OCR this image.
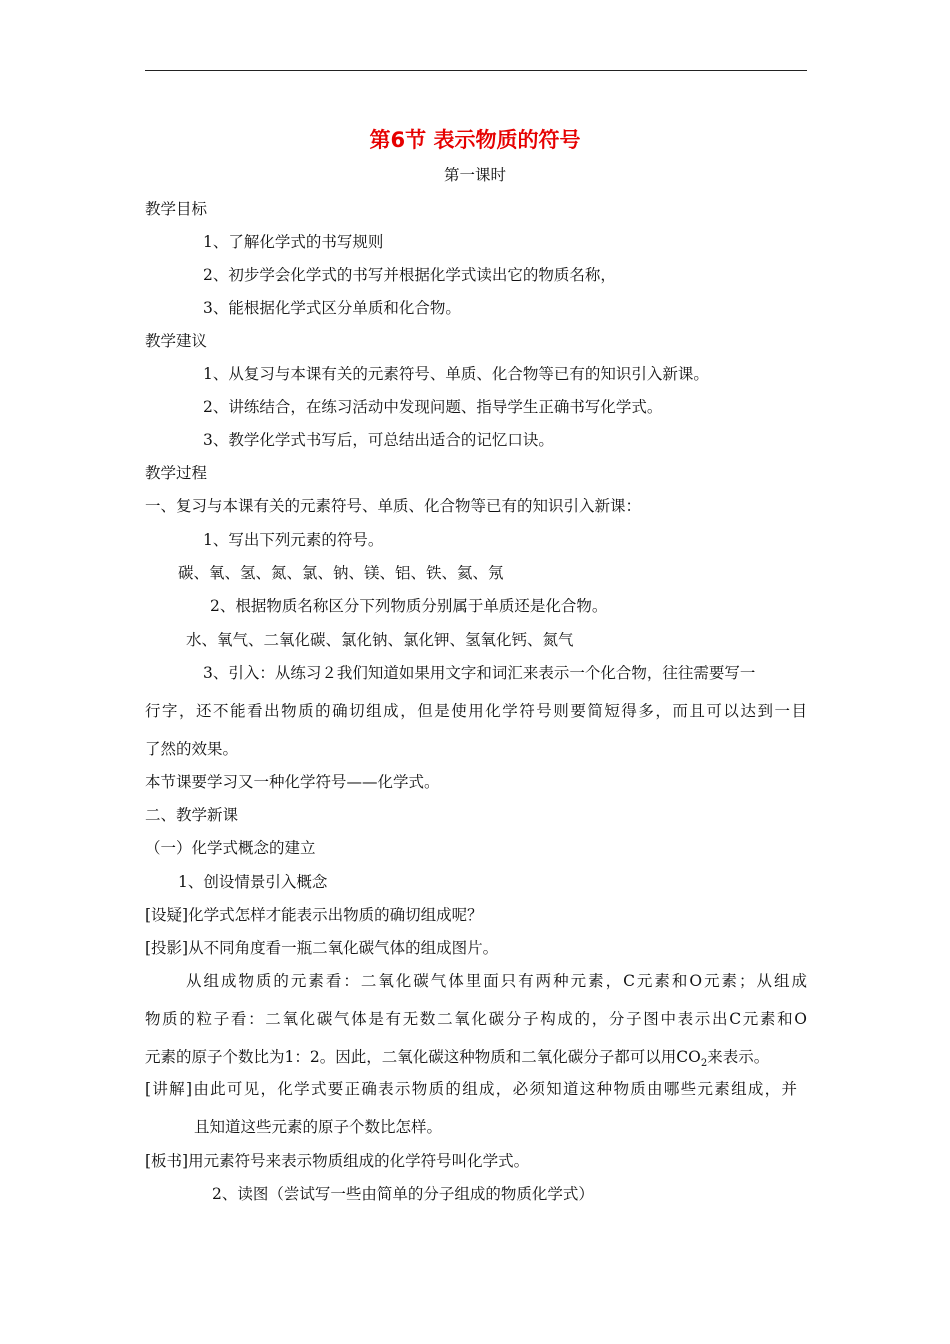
第6节 表示物质的符号
第一课时
教学目标
1、了解化学式的书写规则
2、初步学会化学式的书写并根据化学式读出它的物质名称，
3、能根据化学式区分单质和化合物。
教学建议
1、从复习与本课有关的元素符号、单质、化合物等已有的知识引入新课。
2、讲练结合，在练习活动中发现问题、指导学生正确书写化学式。
3、教学化学式书写后，可总结出适合的记忆口诀。
教学过程
一、复习与本课有关的元素符号、单质、化合物等已有的知识引入新课：
1、写出下列元素的符号。
碳、氧、氢、氮、氯、钠、镁、铝、铁、氦、氖
2、根据物质名称区分下列物质分别属于单质还是化合物。
水、氧气、二氧化碳、氯化钠、氯化钾、氢氧化钙、氮气
3、引入：从练习２我们知道如果用文字和词汇来表示一个化合物，往往需要写一
行字，还不能看出物质的确切组成，但是使用化学符号则要简短得多，而且可以达到一目
了然的效果。
本节课要学习又一种化学符号——化学式。
二、教学新课
（一）化学式概念的建立
1、创设情景引入概念
[设疑]化学式怎样才能表示出物质的确切组成呢？
[投影]从不同角度看一瓶二氧化碳气体的组成图片。
从组成物质的元素看：二氧化碳气体里面只有两种元素，C元素和O元素；从组成
物质的粒子看：二氧化碳气体是有无数二氧化碳分子构成的，分子图中表示出C元素和O
元素的原子个数比为1：2。因此，二氧化碳这种物质和二氧化碳分子都可以用$CO_2$来表示。
[讲解]由此可见，化学式要正确表示物质的组成，必须知道这种物质由哪些元素组成，并
且知道这些元素的原子个数比怎样。
[板书]用元素符号来表示物质组成的化学符号叫化学式。
2、读图（尝试写一些由简单的分子组成的物质化学式）
